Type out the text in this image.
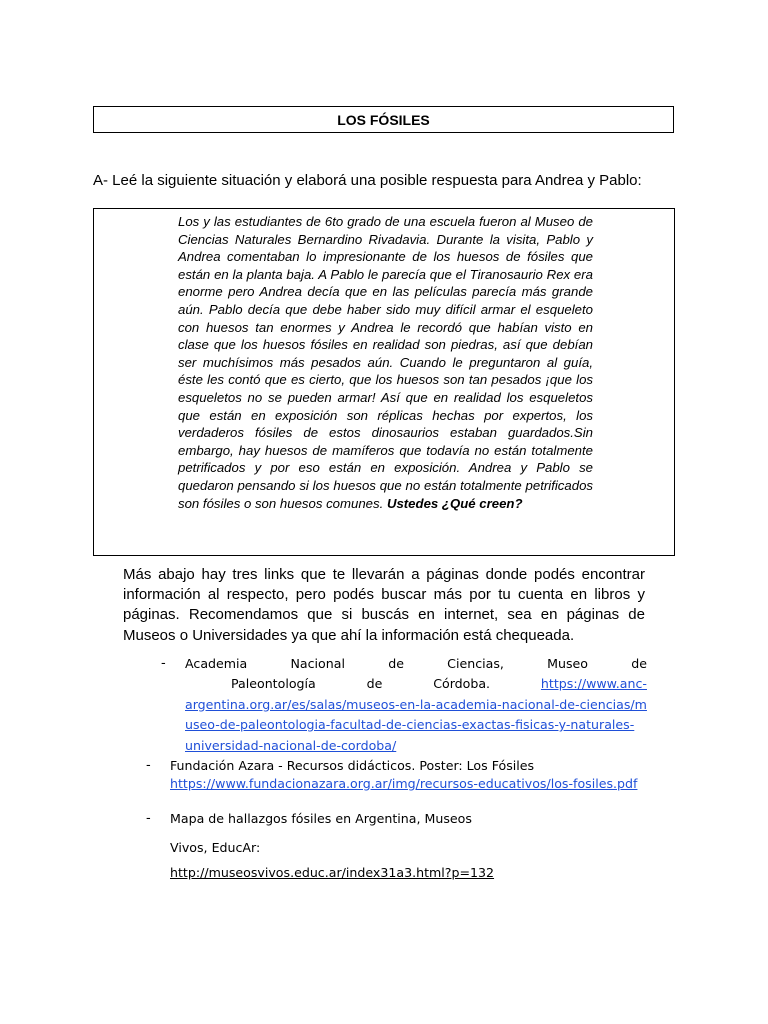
LOS FÓSILES
A- Leé la siguiente situación y elaborá una posible respuesta para Andrea y Pablo:
Los y las estudiantes de 6to grado de una escuela fueron al Museo de Ciencias Naturales Bernardino Rivadavia. Durante la visita, Pablo y Andrea comentaban lo impresionante de los huesos de fósiles que están en la planta baja. A Pablo le parecía que el Tiranosaurio Rex era enorme pero Andrea decía que en las películas parecía más grande aún. Pablo decía que debe haber sido muy difícil armar el esqueleto con huesos tan enormes y Andrea le recordó que habían visto en clase que los huesos fósiles en realidad son piedras, así que debían ser muchísimos más pesados aún. Cuando le preguntaron al guía, éste les contó que es cierto, que los huesos son tan pesados ¡que los esqueletos no se pueden armar! Así que en realidad los esqueletos que están en exposición son réplicas hechas por expertos, los verdaderos fósiles de estos dinosaurios estaban guardados.Sin embargo, hay huesos de mamíferos que todavía no están totalmente petrificados y por eso están en exposición. Andrea y Pablo se quedaron pensando si los huesos que no están totalmente petrificados son fósiles o son huesos comunes. Ustedes ¿Qué creen?
Más abajo hay tres links que te llevarán a páginas donde podés encontrar información al respecto, pero podés buscar más por tu cuenta en libros y páginas. Recomendamos que si buscás en internet, sea en páginas de Museos o Universidades ya que ahí la información está chequeada.
- Academia Nacional de Ciencias, Museo de
Paleontología de Córdoba.	https://www.anc-
argentina.org.ar/es/salas/museos-en-la-academia-nacional-de-ciencias/museo-de-paleontologia-facultad-de-ciencias-exactas-fisicas-y-naturales- universidad-nacional-de-cordoba/
- Fundación Azara - Recursos didácticos. Poster: Los Fósiles
https://www.fundacionazara.org.ar/img/recursos-educativos/los-fosiles.pdf
- Mapa de hallazgos fósiles en Argentina, Museos
Vivos, EducAr:
http://museosvivos.educ.ar/index31a3.html?p=132
